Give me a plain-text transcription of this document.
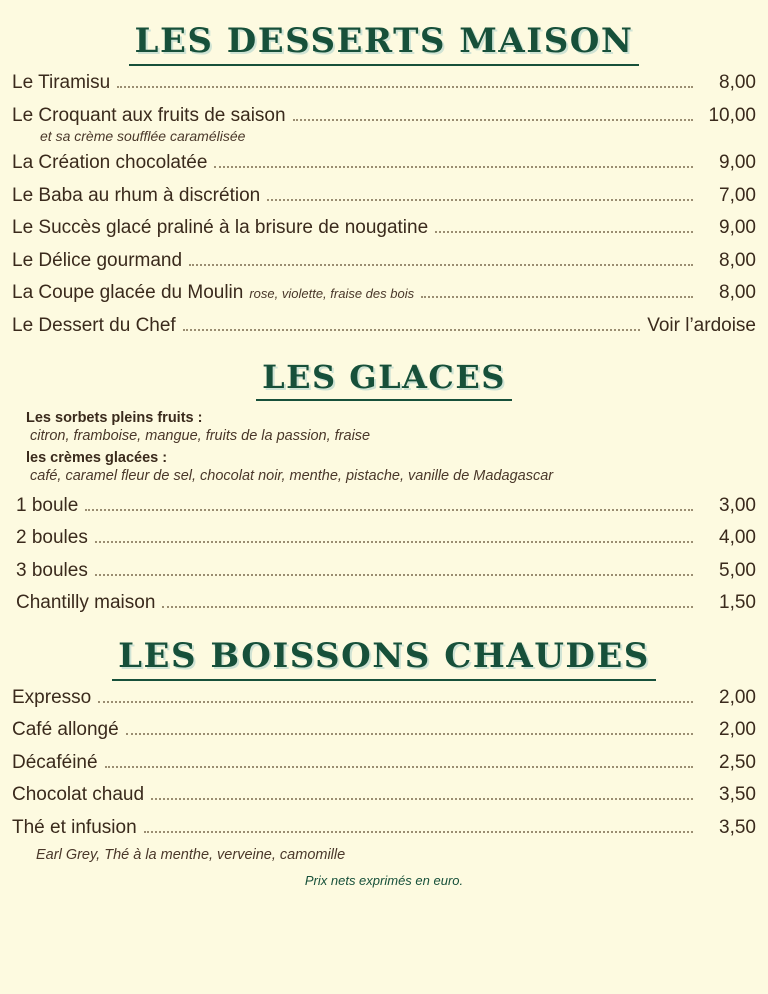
LES DESSERTS MAISON
Le Tiramisu	8,00
Le Croquant aux fruits de saison	10,00
et sa crème soufflée caramélisée
La Création chocolatée	9,00
Le Baba au rhum à discrétion	7,00
Le Succès glacé praliné à la brisure de nougatine	9,00
Le Délice gourmand	8,00
La Coupe glacée du Moulin rose, violette, fraise des bois	8,00
Le Dessert du Chef	Voir l’ardoise
LES GLACES
Les sorbets pleins fruits :
citron, framboise, mangue, fruits de la passion, fraise
les crèmes glacées :
café, caramel fleur de sel, chocolat noir, menthe, pistache, vanille de Madagascar
1 boule	3,00
2 boules	4,00
3 boules	5,00
Chantilly maison	1,50
LES BOISSONS CHAUDES
Expresso	2,00
Café allongé	2,00
Décaféiné	2,50
Chocolat chaud	3,50
Thé et infusion	3,50
Earl Grey, Thé à la menthe, verveine, camomille
Prix nets exprimés en euro.
